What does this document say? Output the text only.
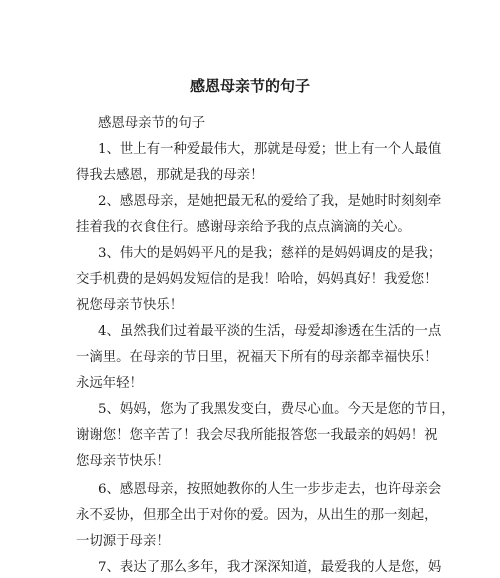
感恩母亲节的句子
感恩母亲节的句子
1、世上有一种爱最伟大，那就是母爱；世上有一个人最值
得我去感恩，那就是我的母亲！
2、感恩母亲，是她把最无私的爱给了我，是她时时刻刻牵
挂着我的衣食住行。感谢母亲给予我的点点滴滴的关心。
3、伟大的是妈妈平凡的是我；慈祥的是妈妈调皮的是我；
交手机费的是妈妈发短信的是我！哈哈，妈妈真好！我爱您！
祝您母亲节快乐！
4、虽然我们过着最平淡的生活，母爱却渗透在生活的一点
一滴里。在母亲的节日里，祝福天下所有的母亲都幸福快乐！
永远年轻！
5、妈妈，您为了我黑发变白，费尽心血。今天是您的节日，
谢谢您！您辛苦了！我会尽我所能报答您一我最亲的妈妈！祝
您母亲节快乐！
6、感恩母亲，按照她教你的人生一步步走去，也许母亲会
永不妥协，但那全出于对你的爱。因为，从出生的那一刻起，
一切源于母亲！
7、表达了那么多年，我才深深知道，最爱我的人是您，妈
